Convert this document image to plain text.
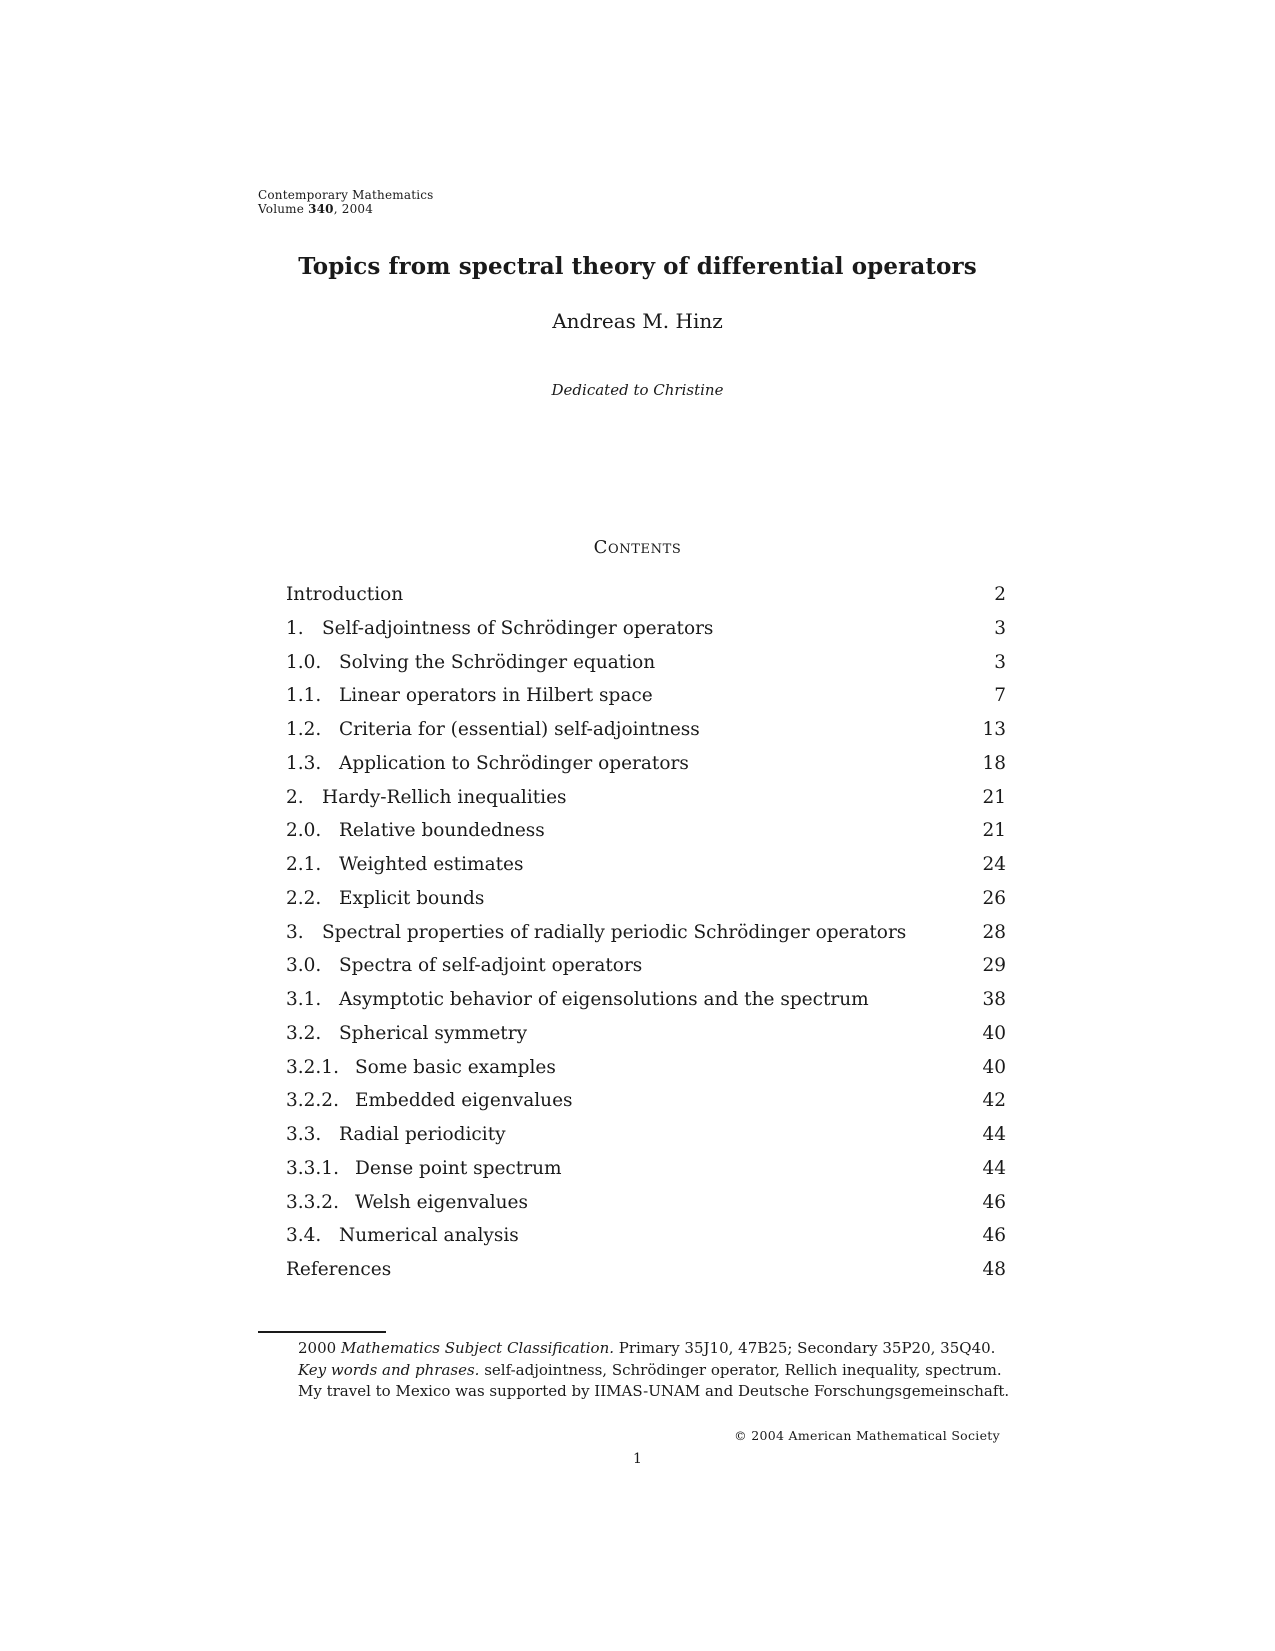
Contemporary Mathematics
Volume 340, 2004
Topics from spectral theory of differential operators
Andreas M. Hinz
Dedicated to Christine
Contents
Introduction	2
1. Self-adjointness of Schrödinger operators	3
1.0. Solving the Schrödinger equation	3
1.1. Linear operators in Hilbert space	7
1.2. Criteria for (essential) self-adjointness	13
1.3. Application to Schrödinger operators	18
2. Hardy-Rellich inequalities	21
2.0. Relative boundedness	21
2.1. Weighted estimates	24
2.2. Explicit bounds	26
3. Spectral properties of radially periodic Schrödinger operators	28
3.0. Spectra of self-adjoint operators	29
3.1. Asymptotic behavior of eigensolutions and the spectrum	38
3.2. Spherical symmetry	40
3.2.1. Some basic examples	40
3.2.2. Embedded eigenvalues	42
3.3. Radial periodicity	44
3.3.1. Dense point spectrum	44
3.3.2. Welsh eigenvalues	46
3.4. Numerical analysis	46
References	48
2000 Mathematics Subject Classification. Primary 35J10, 47B25; Secondary 35P20, 35Q40.
Key words and phrases. self-adjointness, Schrödinger operator, Rellich inequality, spectrum.
My travel to Mexico was supported by IIMAS-UNAM and Deutsche Forschungsgemeinschaft.
© 2004 American Mathematical Society
1
